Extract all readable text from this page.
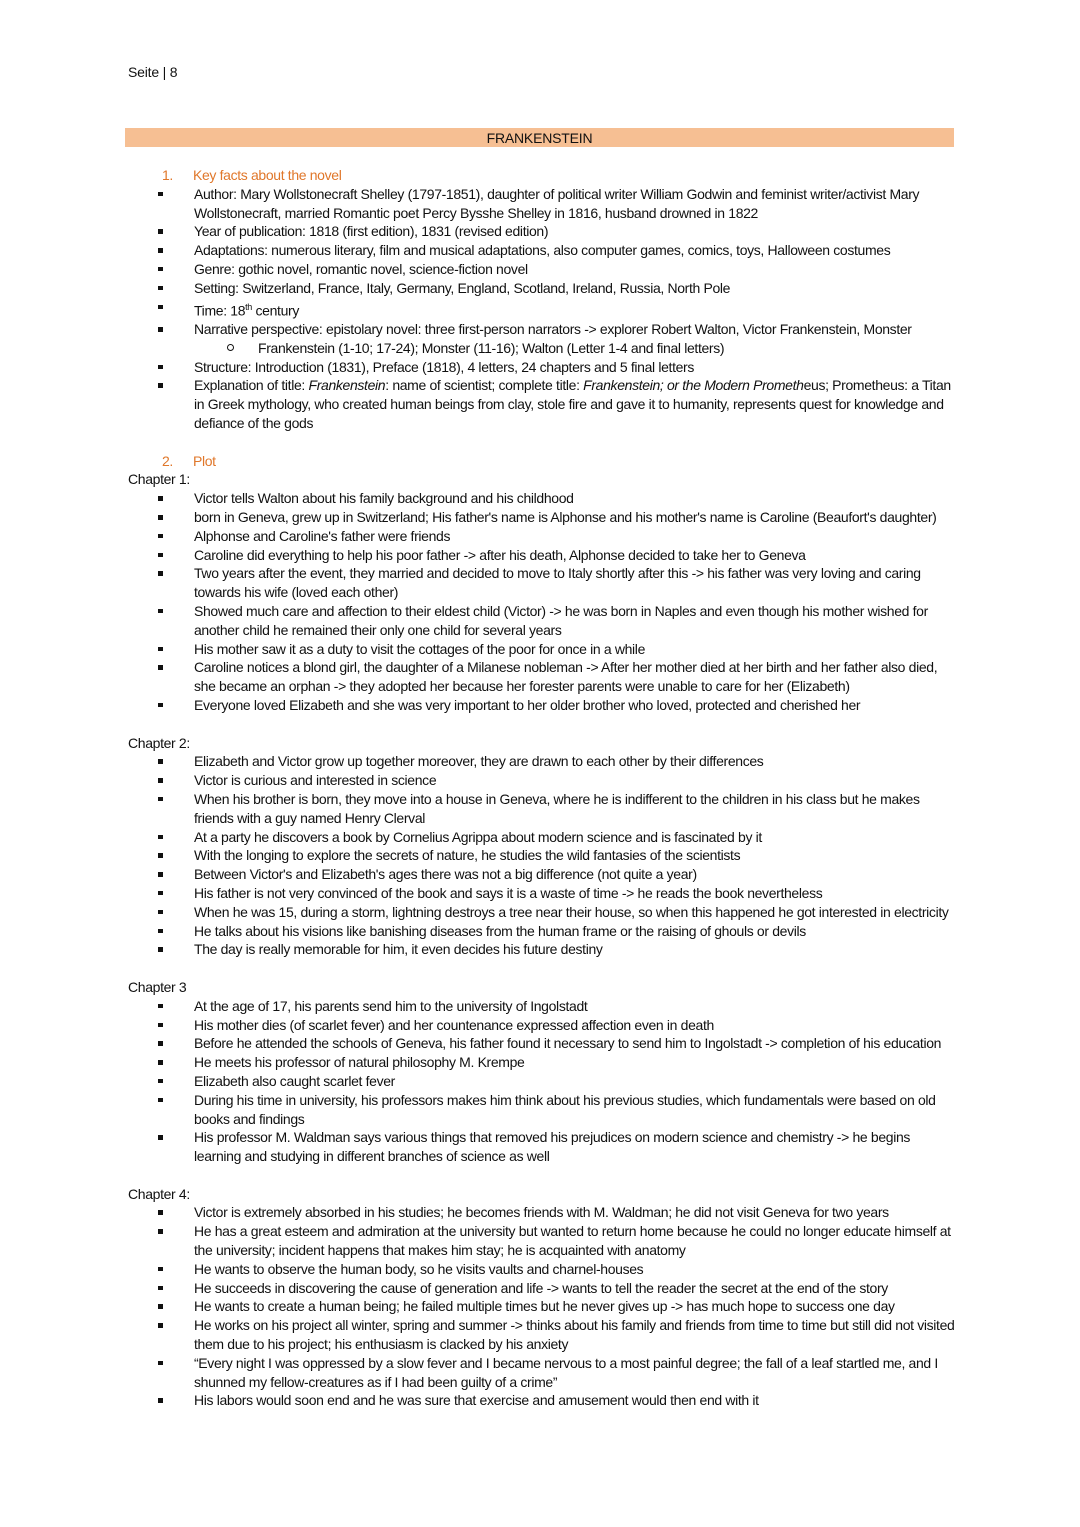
Seite | 8
FRANKENSTEIN
1.	Key facts about the novel
Author: Mary Wollstonecraft Shelley (1797-1851), daughter of political writer William Godwin and feminist writer/activist Mary Wollstonecraft, married Romantic poet Percy Bysshe Shelley in 1816, husband drowned in 1822
Year of publication: 1818 (first edition), 1831 (revised edition)
Adaptations: numerous literary, film and musical adaptations, also computer games, comics, toys, Halloween costumes
Genre: gothic novel, romantic novel, science-fiction novel
Setting: Switzerland, France, Italy, Germany, England, Scotland, Ireland, Russia, North Pole
Time: 18th century
Narrative perspective: epistolary novel: three first-person narrators -> explorer Robert Walton, Victor Frankenstein, Monster
Frankenstein (1-10; 17-24); Monster (11-16); Walton (Letter 1-4 and final letters)
Structure: Introduction (1831), Preface (1818), 4 letters, 24 chapters and 5 final letters
Explanation of title: Frankenstein: name of scientist; complete title: Frankenstein; or the Modern Prometheus; Prometheus: a Titan in Greek mythology, who created human beings from clay, stole fire and gave it to humanity, represents quest for knowledge and defiance of the gods
2.	Plot
Chapter 1:
Victor tells Walton about his family background and his childhood
born in Geneva, grew up in Switzerland; His father's name is Alphonse and his mother's name is Caroline (Beaufort's daughter)
Alphonse and Caroline's father were friends
Caroline did everything to help his poor father -> after his death, Alphonse decided to take her to Geneva
Two years after the event, they married and decided to move to Italy shortly after this -> his father was very loving and caring towards his wife (loved each other)
Showed much care and affection to their eldest child (Victor) -> he was born in Naples and even though his mother wished for another child he remained their only one child for several years
His mother saw it as a duty to visit the cottages of the poor for once in a while
Caroline notices a blond girl, the daughter of a Milanese nobleman -> After her mother died at her birth and her father also died, she became an orphan -> they adopted her because her forester parents were unable to care for her (Elizabeth)
Everyone loved Elizabeth and she was very important to her older brother who loved, protected and cherished her
Chapter 2:
Elizabeth and Victor grow up together moreover, they are drawn to each other by their differences
Victor is curious and interested in science
When his brother is born, they move into a house in Geneva, where he is indifferent to the children in his class but he makes friends with a guy named Henry Clerval
At a party he discovers a book by Cornelius Agrippa about modern science and is fascinated by it
With the longing to explore the secrets of nature, he studies the wild fantasies of the scientists
Between Victor's and Elizabeth's ages there was not a big difference (not quite a year)
His father is not very convinced of the book and says it is a waste of time -> he reads the book nevertheless
When he was 15, during a storm, lightning destroys a tree near their house, so when this happened he got interested in electricity
He talks about his visions like banishing diseases from the human frame or the raising of ghouls or devils
The day is really memorable for him, it even decides his future destiny
Chapter 3
At the age of 17, his parents send him to the university of Ingolstadt
His mother dies (of scarlet fever) and her countenance expressed affection even in death
Before he attended the schools of Geneva, his father found it necessary to send him to Ingolstadt -> completion of his education
He meets his professor of natural philosophy M. Krempe
Elizabeth also caught scarlet fever
During his time in university, his professors makes him think about his previous studies, which fundamentals were based on old books and findings
His professor M. Waldman says various things that removed his prejudices on modern science and chemistry -> he begins learning and studying in different branches of science as well
Chapter 4:
Victor is extremely absorbed in his studies; he becomes friends with M. Waldman; he did not visit Geneva for two years
He has a great esteem and admiration at the university but wanted to return home because he could no longer educate himself at the university; incident happens that makes him stay; he is acquainted with anatomy
He wants to observe the human body, so he visits vaults and charnel-houses
He succeeds in discovering the cause of generation and life -> wants to tell the reader the secret at the end of the story
He wants to create a human being; he failed multiple times but he never gives up -> has much hope to success one day
He works on his project all winter, spring and summer -> thinks about his family and friends from time to time but still did not visited them due to his project; his enthusiasm is clacked by his anxiety
“Every night I was oppressed by a slow fever and I became nervous to a most painful degree; the fall of a leaf startled me, and I shunned my fellow-creatures as if I had been guilty of a crime”
His labors would soon end and he was sure that exercise and amusement would then end with it
